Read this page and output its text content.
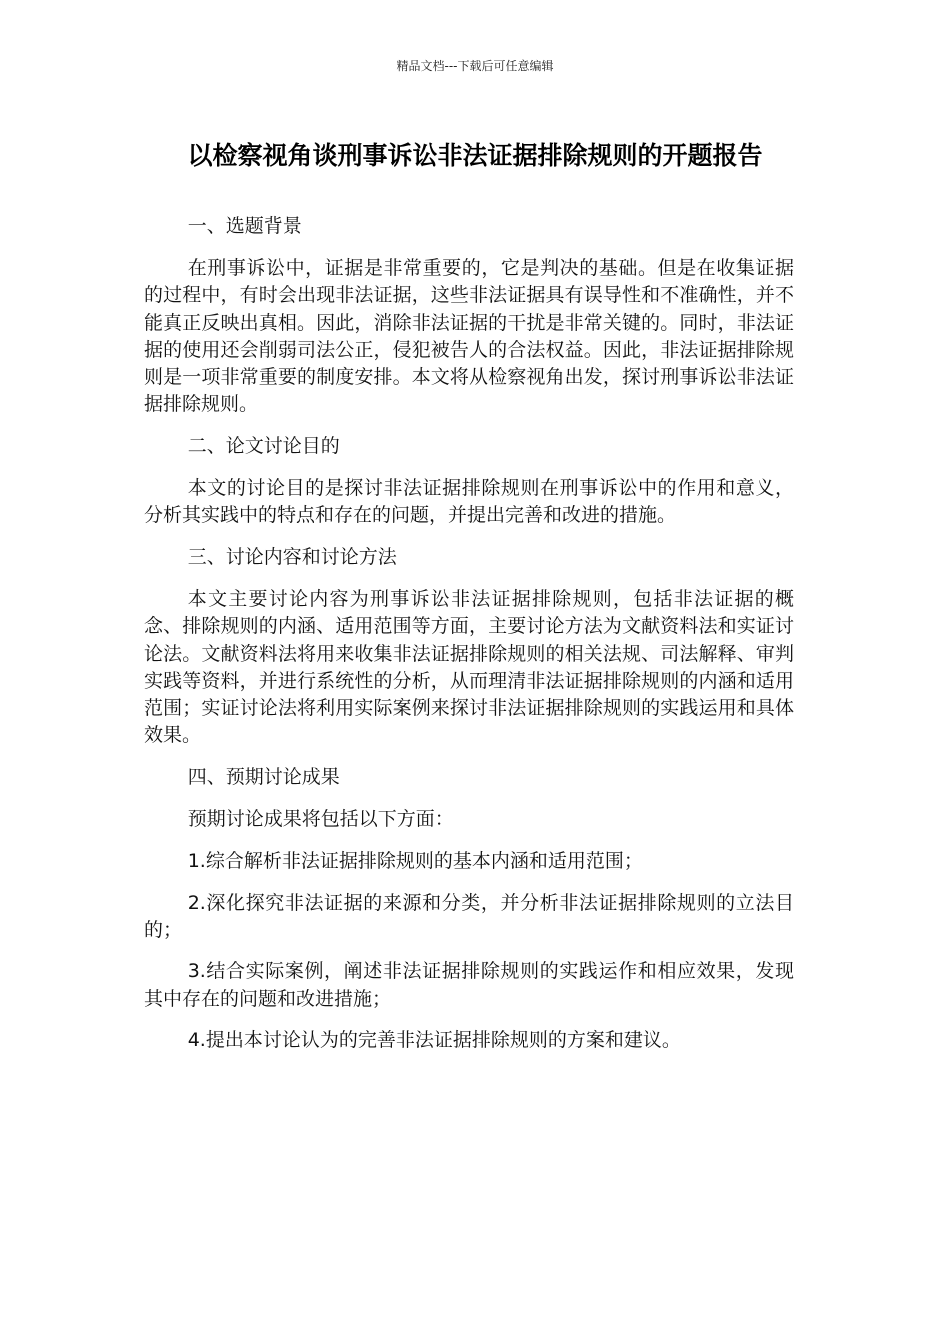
精品文档---下载后可任意编辑
以检察视角谈刑事诉讼非法证据排除规则的开题报告

一、选题背景

在刑事诉讼中，证据是非常重要的，它是判决的基础。但是在收集证据的过程中，有时会出现非法证据，这些非法证据具有误导性和不准确性，并不能真正反映出真相。因此，消除非法证据的干扰是非常关键的。同时，非法证据的使用还会削弱司法公正，侵犯被告人的合法权益。因此，非法证据排除规则是一项非常重要的制度安排。本文将从检察视角出发，探讨刑事诉讼非法证据排除规则。

二、论文讨论目的

本文的讨论目的是探讨非法证据排除规则在刑事诉讼中的作用和意义，分析其实践中的特点和存在的问题，并提出完善和改进的措施。

三、讨论内容和讨论方法

本文主要讨论内容为刑事诉讼非法证据排除规则，包括非法证据的概念、排除规则的内涵、适用范围等方面，主要讨论方法为文献资料法和实证讨论法。文献资料法将用来收集非法证据排除规则的相关法规、司法解释、审判实践等资料，并进行系统性的分析，从而理清非法证据排除规则的内涵和适用范围；实证讨论法将利用实际案例来探讨非法证据排除规则的实践运用和具体效果。

四、预期讨论成果

预期讨论成果将包括以下方面：

1.综合解析非法证据排除规则的基本内涵和适用范围；

2.深化探究非法证据的来源和分类，并分析非法证据排除规则的立法目的；

3.结合实际案例，阐述非法证据排除规则的实践运作和相应效果，发现其中存在的问题和改进措施；

4.提出本讨论认为的完善非法证据排除规则的方案和建议。
